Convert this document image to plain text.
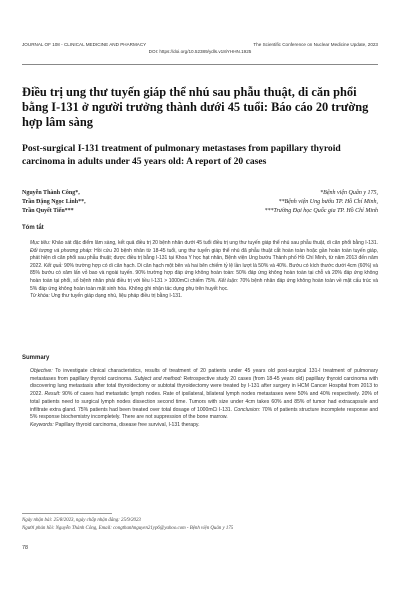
JOURNAL OF 108 - CLINICAL MEDICINE AND PHARMACY	The Scientific Conference on Nuclear Medicine Update, 2023
DOI: https://doi.org/10.52389/ydls.v18iYHHN.1925
Điều trị ung thư tuyến giáp thể nhú sau phẫu thuật, di căn phổi bằng I-131 ở người trưởng thành dưới 45 tuổi: Báo cáo 20 trường hợp lâm sàng
Post-surgical I-131 treatment of pulmonary metastases from papillary thyroid carcinoma in adults under 45 years old: A report of 20 cases
Nguyễn Thành Công*,	*Bệnh viện Quân y 175,
Trần Đặng Ngọc Linh**,	**Bệnh viện Ung bướu TP. Hồ Chí Minh,
Trần Quyết Tiến***	***Trường Đại học Quốc gia TP. Hồ Chí Minh
Tóm tắt
Mục tiêu: Khảo sát đặc điểm lâm sàng, kết quả điều trị 20 bệnh nhân dưới 45 tuổi điều trị ung thư tuyến giáp thể nhú sau phẫu thuật, di căn phổi bằng I-131. Đối tượng và phương pháp: Hồi cứu 20 bệnh nhân từ 18-45 tuổi, ung thư tuyến giáp thể nhú đã phẫu thuật cắt hoàn toàn hoặc gần hoàn toàn tuyến giáp, phát hiện di căn phổi sau phẫu thuật; được điều trị bằng I-131 tại Khoa Y học hạt nhân, Bệnh viện Ung bướu Thành phố Hồ Chí Minh, từ năm 2013 đến năm 2022. Kết quả: 90% trường hợp có di căn hạch. Di căn hạch một bên và hai bên chiếm tỷ lệ lần lượt là 50% và 40%. Bướu có kích thước dưới 4cm (60%) và 85% bướu có xâm lấn vỏ bao và ngoài tuyến. 90% trường hợp đáp ứng không hoàn toàn: 50% đáp ứng không hoàn toàn tại chỗ và 20% đáp ứng không hoàn toàn tại phổi, số bệnh nhân phải điều trị với liều I-131 > 1000mCi chiếm 75%. Kết luận: 70% bệnh nhân đáp ứng không hoàn toàn về mặt cấu trúc và 5% đáp ứng không hoàn toàn mặt sinh hóa. Không ghi nhận tác dụng phụ trên huyết học.
Từ khóa: Ung thư tuyến giáp dạng nhú, liệu pháp điều trị bằng I-131.
Summary
Objective: To investigate clinical characteristics, results of treatment of 20 patients under 45 years old post-surgical 131-I treatment of pulmonary metastases from papillary thyroid carcinoma. Subject and method: Retrospective study 20 cases (from 18-45 years old) papillary thyroid carcinoma with discovering lung metastasis after total thyroidectomy or subtotal thyroidectomy were treated by I-131 after surgery in HCM Cancer Hospital from 2013 to 2022. Result: 90% of cases had metastatic lymph nodes. Rate of ipsilateral, bilateral lymph nodes metastases were 50% and 40% respectively. 20% of total patients need to surgical lymph nodes dissection second time. Tumors with size under 4cm takes 60% and 85% of tumor had extracapsule and infiltrate extra gland. 75% patients had been treated over total dosage of 1000mCi I-131. Conclusion: 70% of patients structure incomplete response and 5% response biochemistry incompletely. There are not suppression of the bone marrow.
Keywords: Papillary thyroid carcinoma, disease free survival, I-131 therapy.
Ngày nhận bài: 25/8/2023, ngày chấp nhận đăng: 25/9/2023
Người phản hồi: Nguyễn Thành Công, Email: congthanhnguyen21yp6@yahoo.com - Bệnh viện Quân y 175
78
